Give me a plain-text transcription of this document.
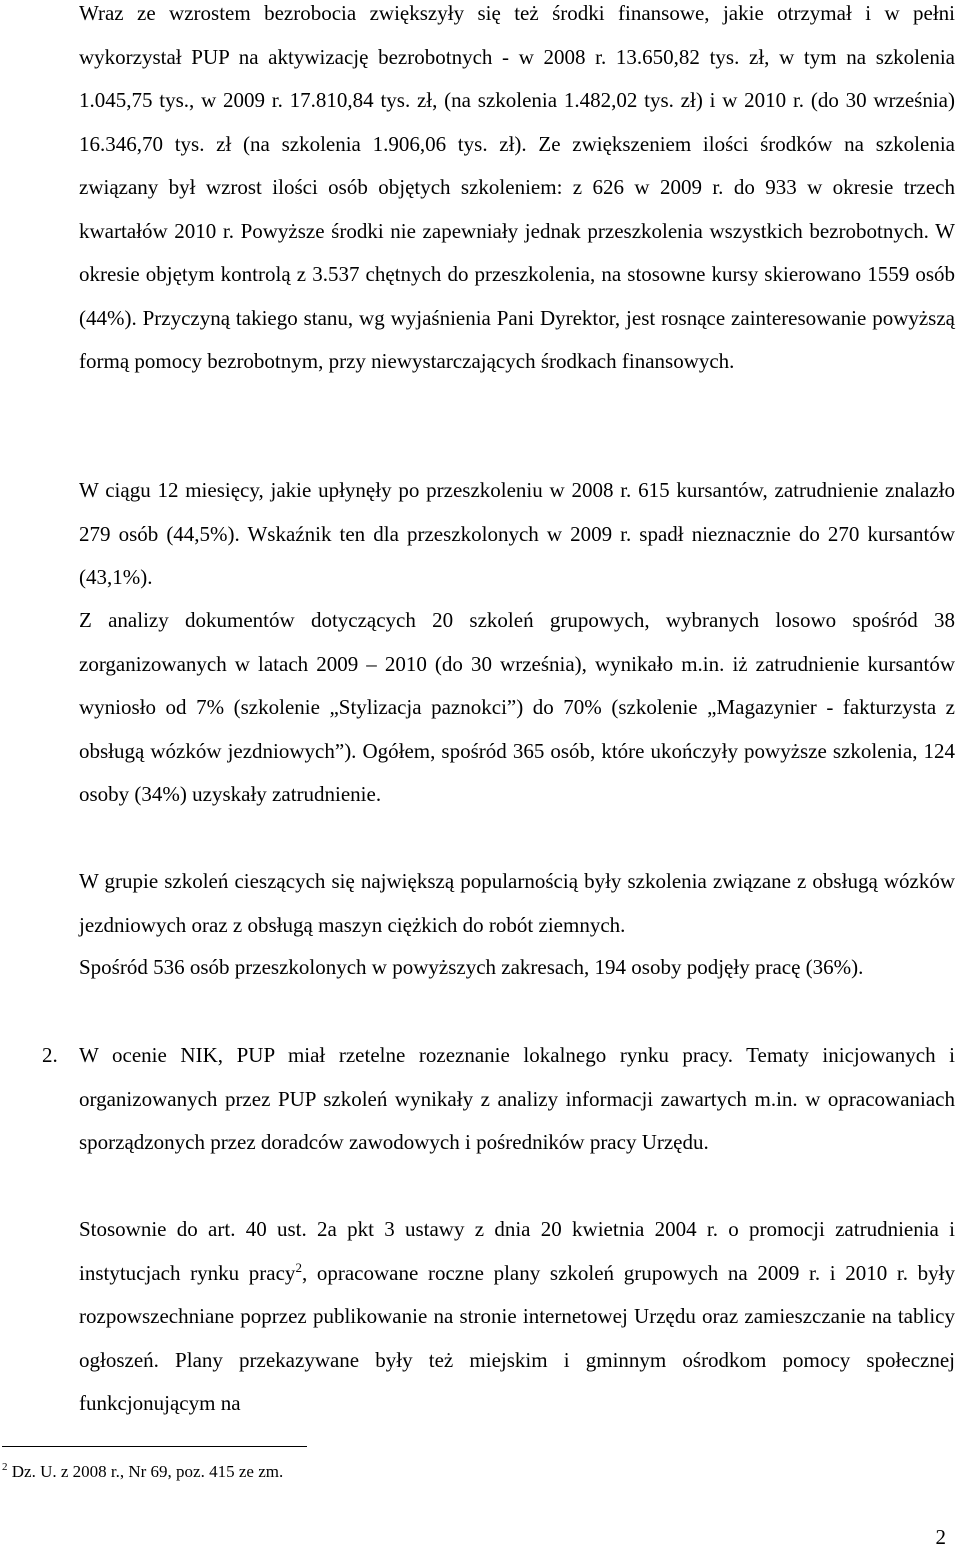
Wraz ze wzrostem bezrobocia zwiększyły się też środki finansowe, jakie otrzymał i w pełni wykorzystał PUP na aktywizację bezrobotnych - w 2008 r. 13.650,82 tys. zł, w tym na szkolenia 1.045,75 tys., w 2009 r. 17.810,84 tys. zł, (na szkolenia 1.482,02 tys. zł) i w 2010 r. (do 30 września) 16.346,70 tys. zł (na szkolenia 1.906,06 tys. zł). Ze zwiększeniem ilości środków na szkolenia związany był wzrost ilości osób objętych szkoleniem: z 626 w 2009 r. do 933 w okresie trzech kwartałów 2010 r. Powyższe środki nie zapewniały jednak przeszkolenia wszystkich bezrobotnych. W okresie objętym kontrolą z 3.537 chętnych do przeszkolenia, na stosowne kursy skierowano 1559 osób (44%). Przyczyną takiego stanu, wg wyjaśnienia Pani Dyrektor, jest rosnące zainteresowanie powyższą formą pomocy bezrobotnym, przy niewystarczających środkach finansowych.

W ciągu 12 miesięcy, jakie upłynęły po przeszkoleniu w 2008 r. 615 kursantów, zatrudnienie znalazło 279 osób (44,5%). Wskaźnik ten dla przeszkolonych w 2009 r. spadł nieznacznie do 270 kursantów (43,1%).

Z analizy dokumentów dotyczących 20 szkoleń grupowych, wybranych losowo spośród 38 zorganizowanych w latach 2009 – 2010 (do 30 września), wynikało m.in. iż zatrudnienie kursantów wyniosło od 7% (szkolenie „Stylizacja paznokci”) do 70% (szkolenie „Magazynier - fakturzysta z obsługą wózków jezdniowych”). Ogółem, spośród 365 osób, które ukończyły powyższe szkolenia, 124 osoby (34%) uzyskały zatrudnienie.

W grupie szkoleń cieszących się największą popularnością były szkolenia związane z obsługą wózków jezdniowych oraz z obsługą maszyn ciężkich do robót ziemnych.

Spośród 536 osób przeszkolonych w powyższych zakresach, 194 osoby podjęły pracę (36%).

2. W ocenie NIK, PUP miał rzetelne rozeznanie lokalnego rynku pracy. Tematy inicjowanych i organizowanych przez PUP szkoleń wynikały z analizy informacji zawartych m.in. w opracowaniach sporządzonych przez doradców zawodowych i pośredników pracy Urzędu.

Stosownie do art. 40 ust. 2a pkt 3 ustawy z dnia 20 kwietnia 2004 r. o promocji zatrudnienia i instytucjach rynku pracy$^2$, opracowane roczne plany szkoleń grupowych na 2009 r. i 2010 r. były rozpowszechniane poprzez publikowanie na stronie internetowej Urzędu oraz zamieszczanie na tablicy ogłoszeń. Plany przekazywane były też miejskim i gminnym ośrodkom pomocy społecznej funkcjonującym na

$^2$ Dz. U. z 2008 r., Nr 69, poz. 415 ze zm.

2
